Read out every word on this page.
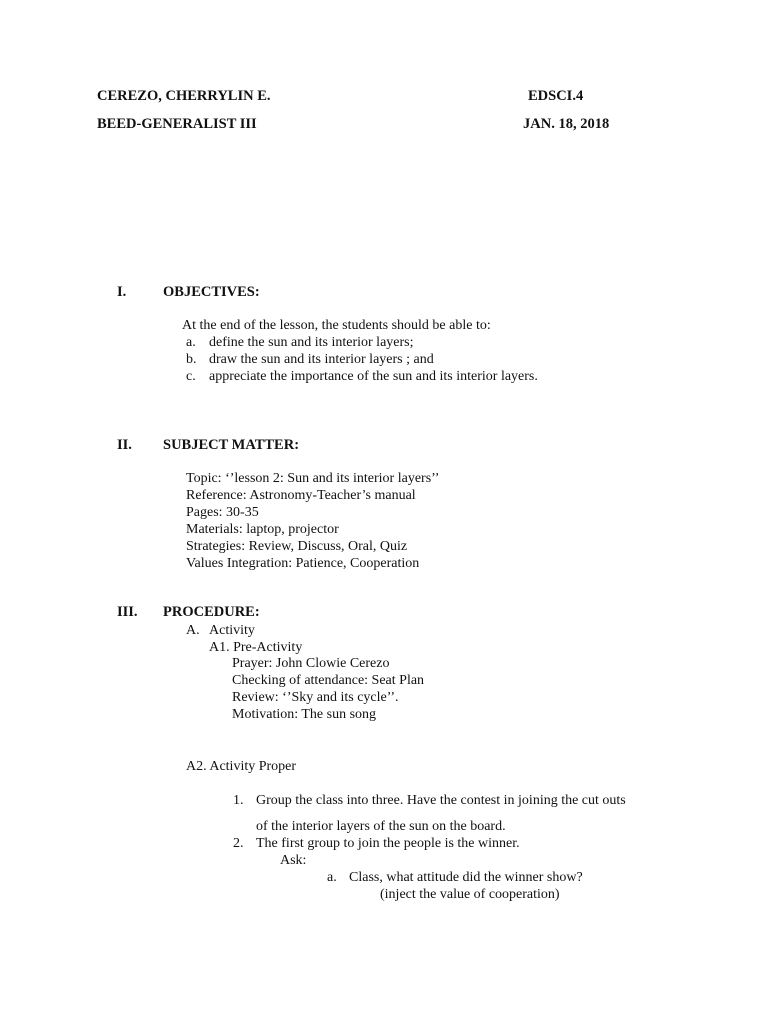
CEREZO, CHERRYLIN E.	EDSCI.4
BEED-GENERALIST III	JAN. 18, 2018
I.	OBJECTIVES:
At the end of the lesson, the students should be able to:
a. define the sun and its interior layers;
b. draw the sun and its interior layers ; and
c. appreciate the importance of the sun and its interior layers.
II. SUBJECT MATTER:
Topic: ‘’lesson 2: Sun and its interior layers’’
Reference: Astronomy-Teacher’s manual
Pages: 30-35
Materials: laptop, projector
Strategies: Review, Discuss, Oral, Quiz
Values Integration: Patience, Cooperation
III. PROCEDURE:
A. Activity
A1. Pre-Activity
Prayer: John Clowie Cerezo
Checking of attendance: Seat Plan
Review: ‘’Sky and its cycle’’.
Motivation: The sun song
A2. Activity Proper
1. Group the class into three. Have the contest in joining the cut outs
of the interior layers of the sun on the board.
2. The first group to join the people is the winner.
Ask:
a. Class, what attitude did the winner show?
(inject the value of cooperation)
